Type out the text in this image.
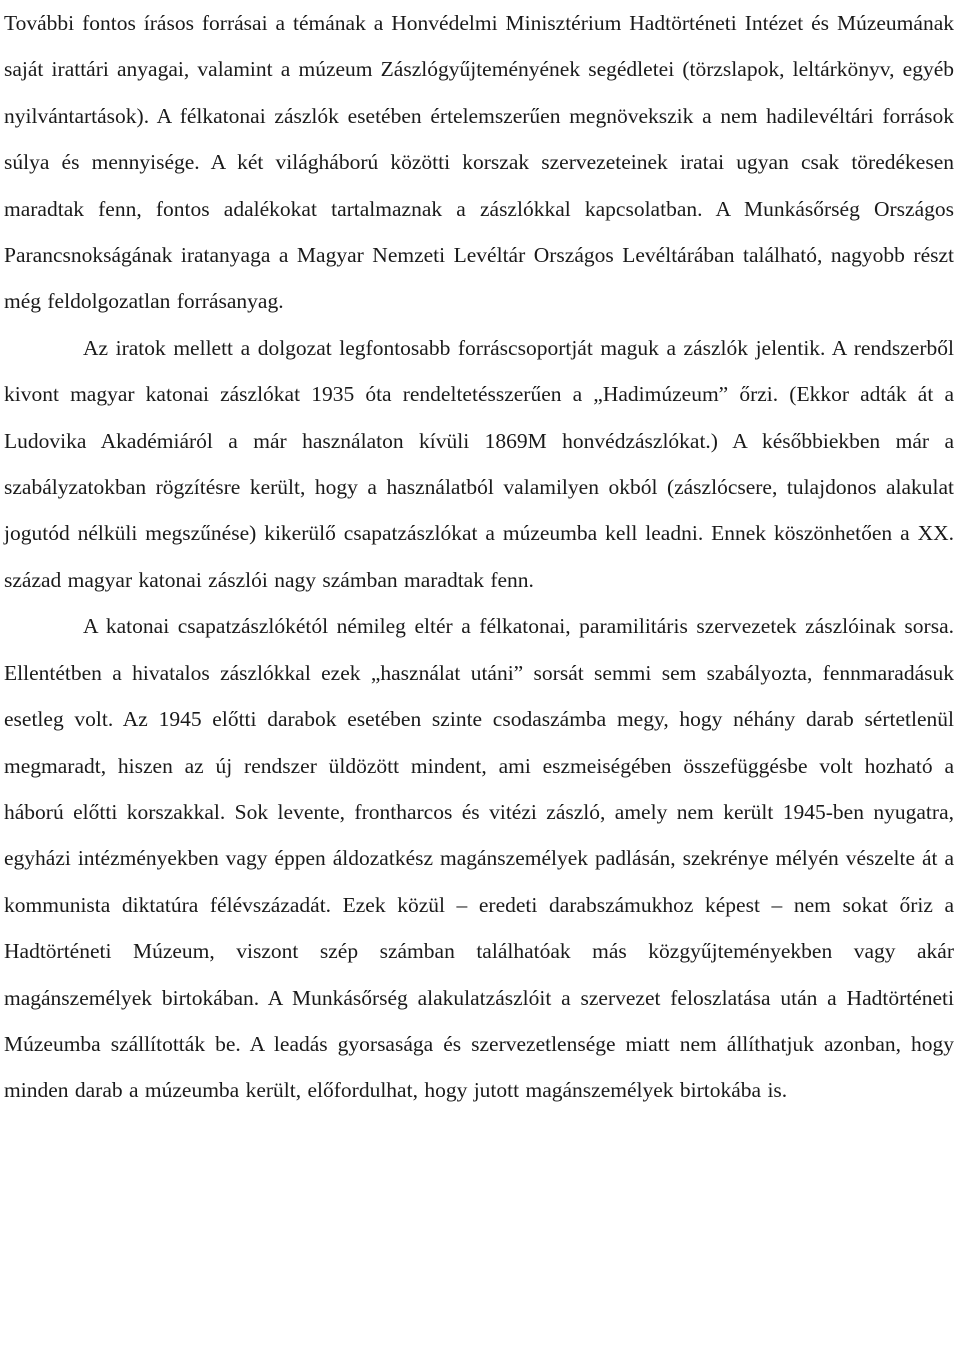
További fontos írásos forrásai a témának a Honvédelmi Minisztérium Hadtörténeti Intézet és Múzeumának saját irattári anyagai, valamint a múzeum Zászlógyűjteményének segédletei (törzslapok, leltárkönyv, egyéb nyilvántartások). A félkatonai zászlók esetében értelemszerűen megnövekszik a nem hadilevéltári források súlya és mennyisége. A két világháború közötti korszak szervezeteinek iratai ugyan csak töredékesen maradtak fenn, fontos adalékokat tartalmaznak a zászlókkal kapcsolatban. A Munkásőrség Országos Parancsnokságának iratanyaga a Magyar Nemzeti Levéltár Országos Levéltárában található, nagyobb részt még feldolgozatlan forrásanyag.

Az iratok mellett a dolgozat legfontosabb forráscsoportját maguk a zászlók jelentik. A rendszerből kivont magyar katonai zászlókat 1935 óta rendeltetésszerűen a „Hadimúzeum” őrzi. (Ekkor adták át a Ludovika Akadémiáról a már használaton kívüli 1869M honvédzászlókat.) A későbbiekben már a szabályzatokban rögzítésre került, hogy a használatból valamilyen okból (zászlócsere, tulajdonos alakulat jogutód nélküli megszűnése) kikerülő csapatzászlókat a múzeumba kell leadni. Ennek köszönhetően a XX. század magyar katonai zászlói nagy számban maradtak fenn.

A katonai csapatzászlókétól némileg eltér a félkatonai, paramilitáris szervezetek zászlóinak sorsa. Ellentétben a hivatalos zászlókkal ezek „használat utáni” sorsát semmi sem szabályozta, fennmaradásuk esetleg volt. Az 1945 előtti darabok esetében szinte csodaszámba megy, hogy néhány darab sértetlenül megmaradt, hiszen az új rendszer üldözött mindent, ami eszmeiségében összefüggésbe volt hozható a háború előtti korszakkal. Sok levente, frontharcos és vitézi zászló, amely nem került 1945-ben nyugatra, egyházi intézményekben vagy éppen áldozatkész magánszemélyek padlásán, szekrénye mélyén vészelte át a kommunista diktatúra félévszázadát. Ezek közül – eredeti darabszámukhoz képest – nem sokat őriz a Hadtörténeti Múzeum, viszont szép számban találhatóak más közgyűjteményekben vagy akár magánszemélyek birtokában. A Munkásőrség alakulatzászlóit a szervezet feloszlatása után a Hadtörténeti Múzeumba szállították be. A leadás gyorsasága és szervezetlensége miatt nem állíthatjuk azonban, hogy minden darab a múzeumba került, előfordulhat, hogy jutott magánszemélyek birtokába is.
